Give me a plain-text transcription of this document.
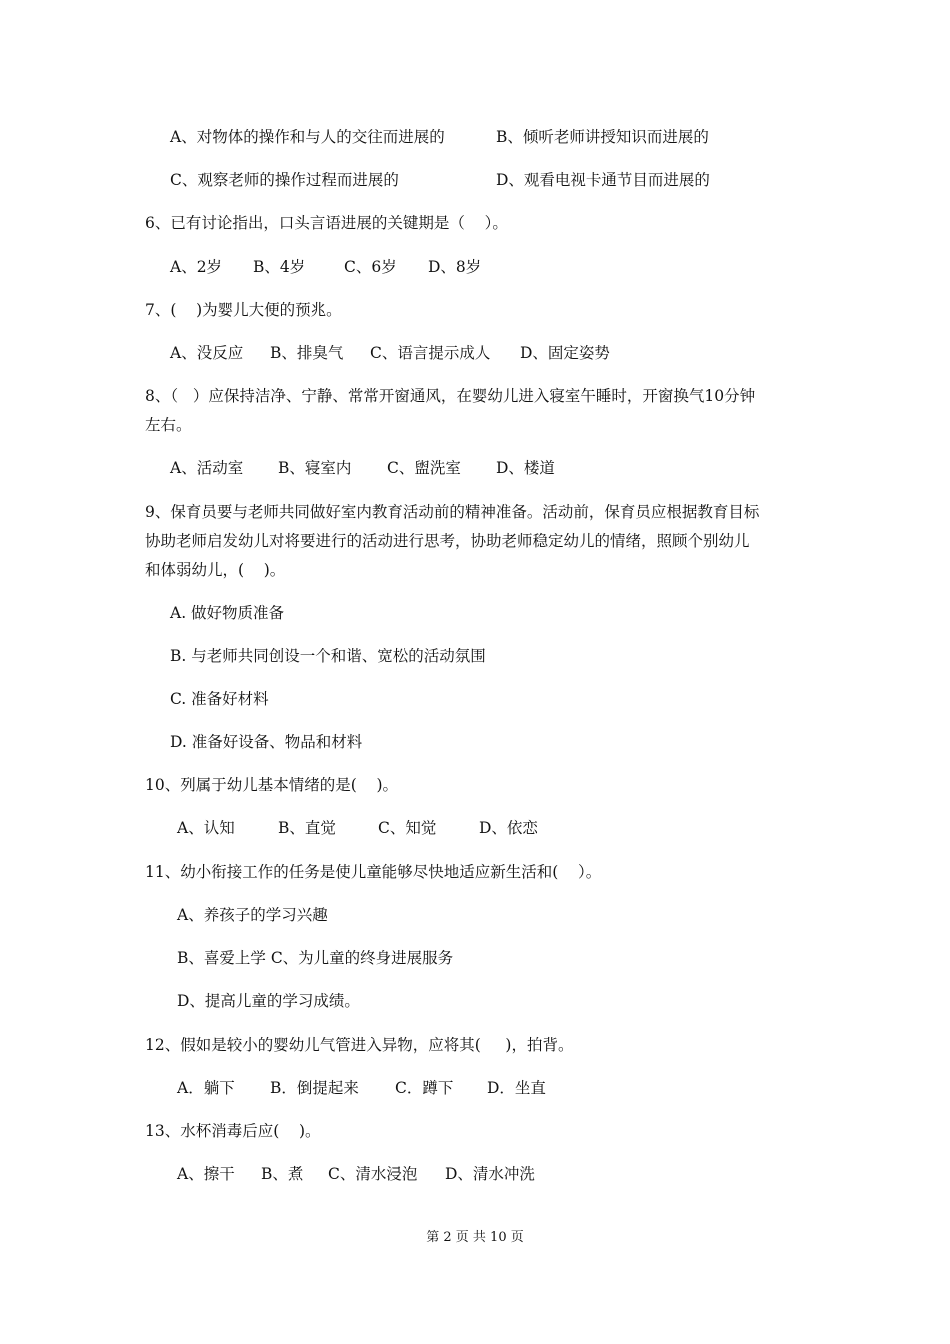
A、对物体的操作和与人的交往而进展的	B、倾听老师讲授知识而进展的
C、观察老师的操作过程而进展的	D、观看电视卡通节目而进展的
6、已有讨论指出，口头言语进展的关键期是（    ）。
A、2岁 B、4岁 C、6岁 D、8岁
7、(    )为婴儿大便的预兆。
A、没反应 B、排臭气 C、语言提示成人 D、固定姿势
8、（   ）应保持洁净、宁静、常常开窗通风，在婴幼儿进入寝室午睡时，开窗换气10分钟
左右。
A、活动室 B、寝室内 C、盥洗室 D、楼道
9、保育员要与老师共同做好室内教育活动前的精神准备。活动前，保育员应根据教育目标
协助老师启发幼儿对将要进行的活动进行思考，协助老师稳定幼儿的情绪，照顾个别幼儿
和体弱幼儿，(    )。
A. 做好物质准备
B. 与老师共同创设一个和谐、宽松的活动氛围
C. 准备好材料
D. 准备好设备、物品和材料
10、列属于幼儿基本情绪的是(    )。
A、认知	B、直觉	C、知觉	D、依恋
11、幼小衔接工作的任务是使儿童能够尽快地适应新生活和(    ）。
A、养孩子的学习兴趣
B、喜爱上学 C、为儿童的终身进展服务
D、提高儿童的学习成绩。
12、假如是较小的婴幼儿气管进入异物，应将其(     )，拍背。
A．躺下 B．倒提起来 C．蹲下 D．坐直
13、水杯消毒后应(    )。
A、擦干 B、煮 C、清水浸泡 D、清水冲洗
第 2 页 共 10 页
